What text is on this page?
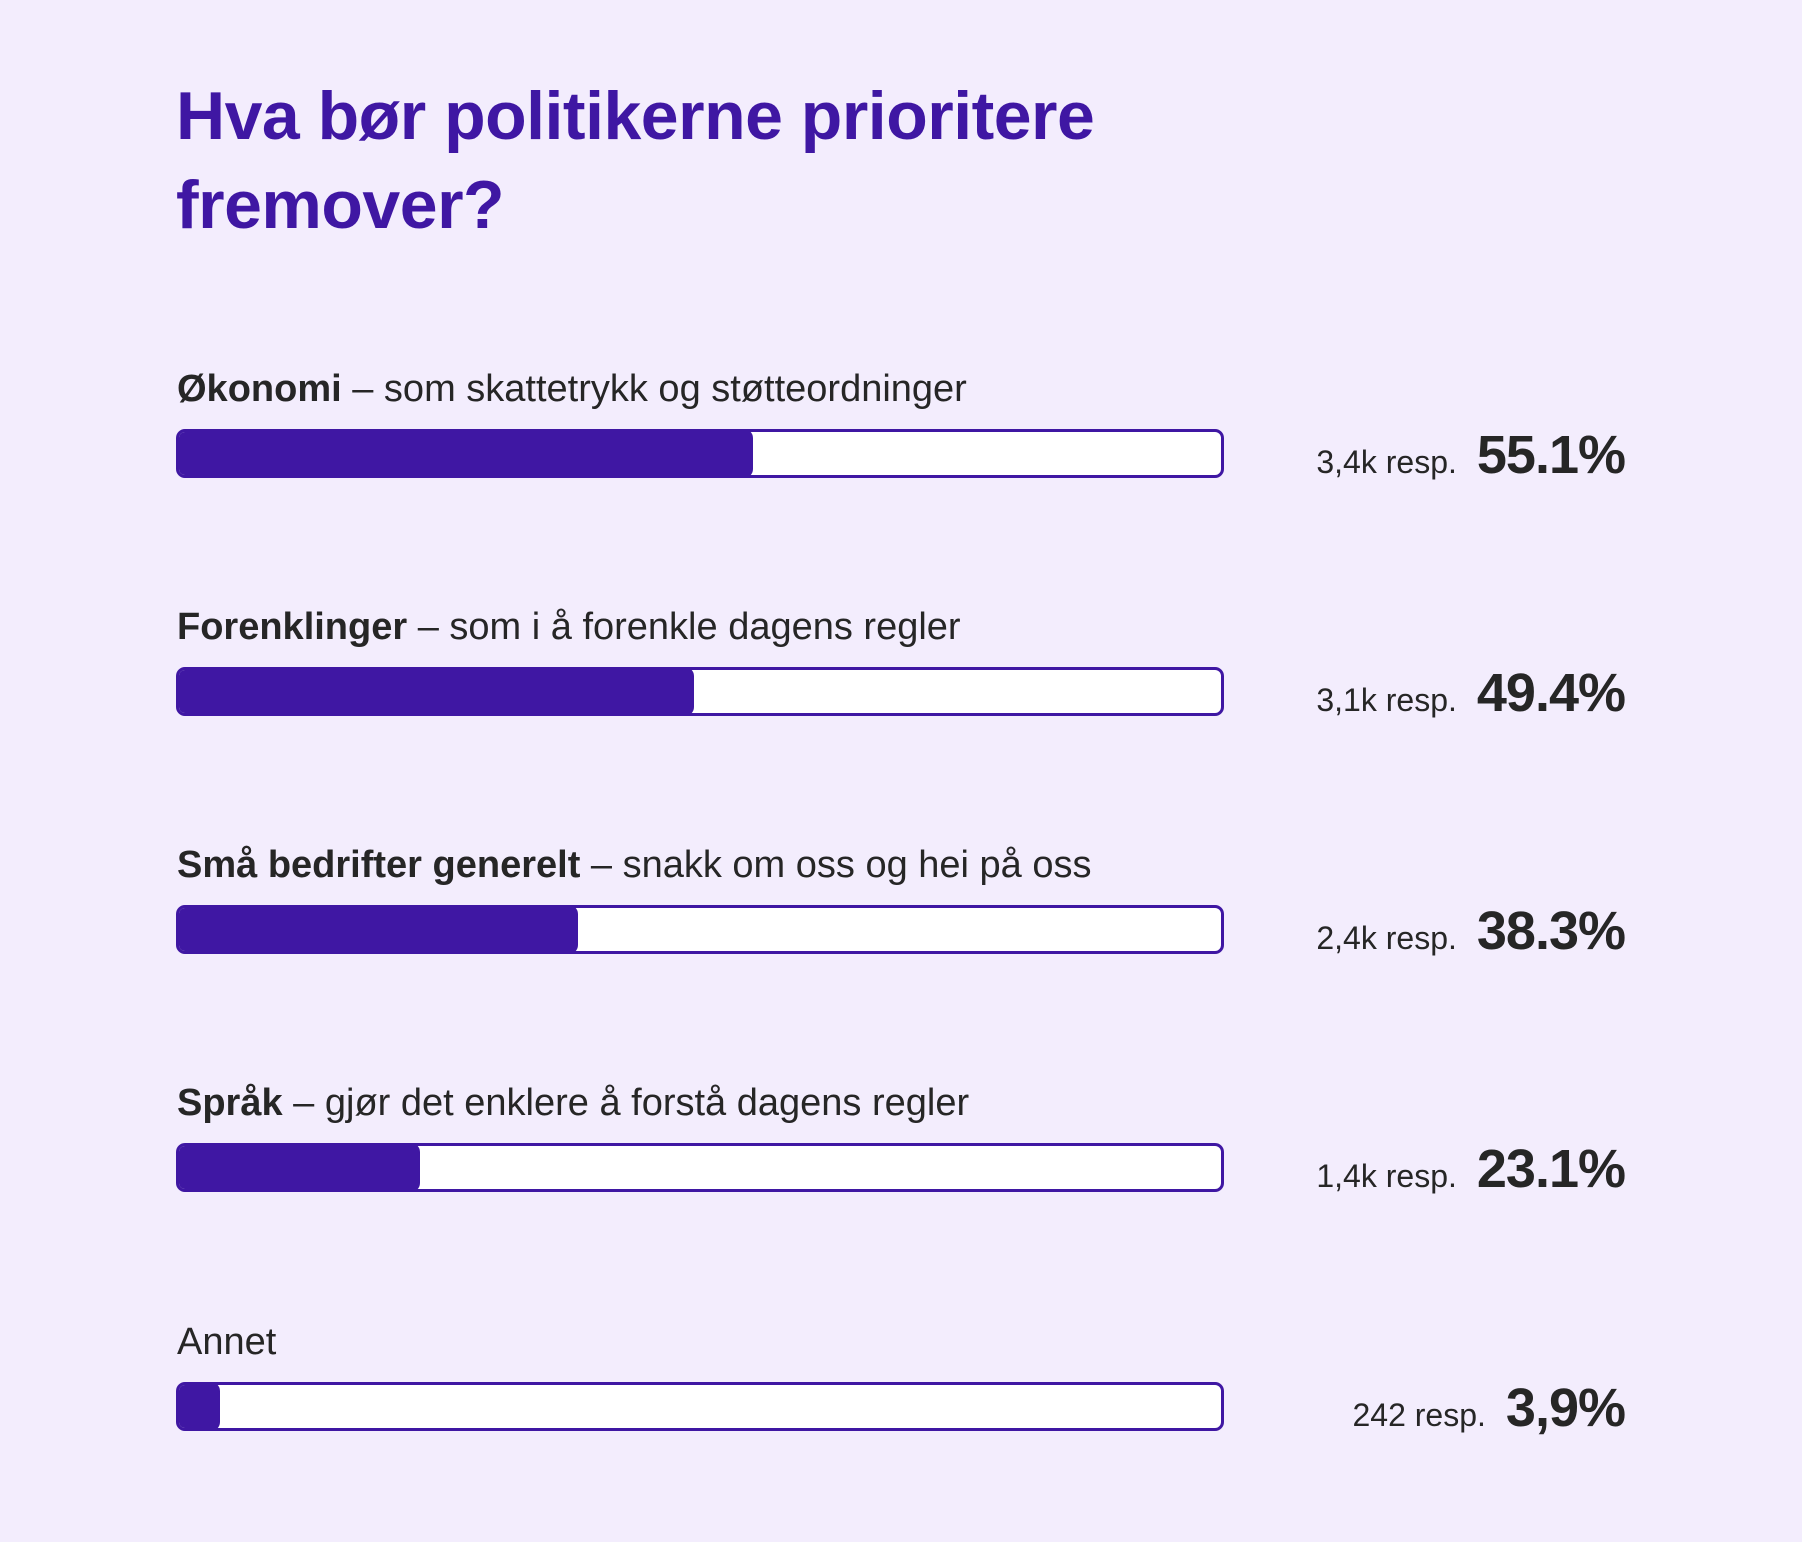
Hva bør politikerne prioritere fremover?
Økonomi – som skattetrykk og støtteordninger
3,4k resp. 55.1%
Forenklinger – som i å forenkle dagens regler
3,1k resp. 49.4%
Små bedrifter generelt – snakk om oss og hei på oss
2,4k resp. 38.3%
Språk – gjør det enklere å forstå dagens regler
1,4k resp. 23.1%
Annet
242 resp. 3,9%
